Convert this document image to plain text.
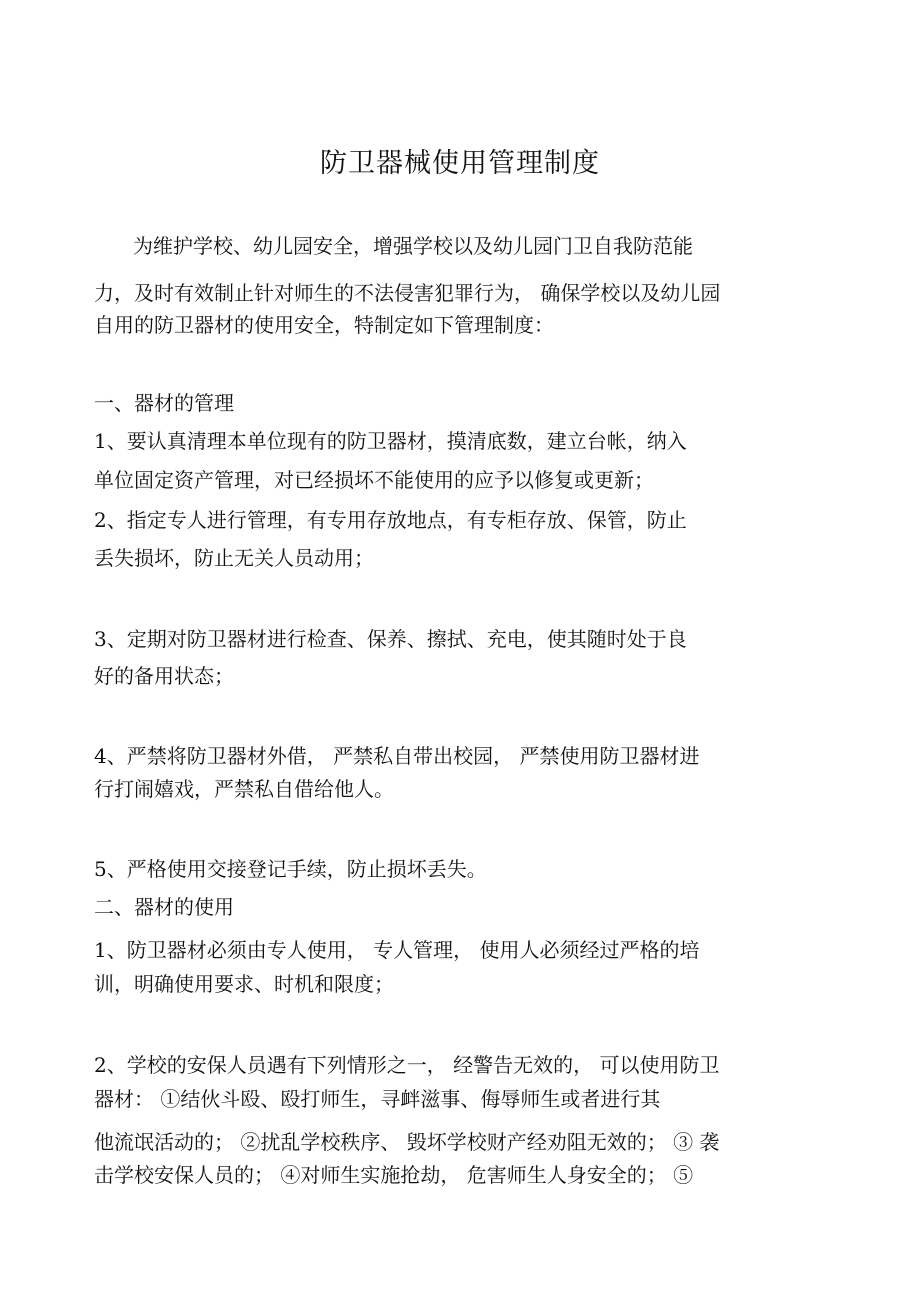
防卫器械使用管理制度

为维护学校、幼儿园安全，增强学校以及幼儿园门卫自我防范能

力，及时有效制止针对师生的不法侵害犯罪行为， 确保学校以及幼儿园

自用的防卫器材的使用安全，特制定如下管理制度：

一、器材的管理

1、要认真清理本单位现有的防卫器材，摸清底数，建立台帐，纳入

单位固定资产管理，对已经损坏不能使用的应予以修复或更新；

2、指定专人进行管理，有专用存放地点，有专柜存放、保管，防止

丢失损坏，防止无关人员动用；

3、定期对防卫器材进行检查、保养、擦拭、充电，使其随时处于良

好的备用状态；

4、严禁将防卫器材外借， 严禁私自带出校园， 严禁使用防卫器材进

行打闹嬉戏，严禁私自借给他人。

5、严格使用交接登记手续，防止损坏丢失。

二、器材的使用

1、防卫器材必须由专人使用， 专人管理， 使用人必须经过严格的培

训，明确使用要求、时机和限度；

2、学校的安保人员遇有下列情形之一， 经警告无效的， 可以使用防卫

器材： ①结伙斗殴、殴打师生，寻衅滋事、侮辱师生或者进行其

他流氓活动的； ②扰乱学校秩序、 毁坏学校财产经劝阻无效的； ③ 袭

击学校安保人员的； ④对师生实施抢劫， 危害师生人身安全的； ⑤
